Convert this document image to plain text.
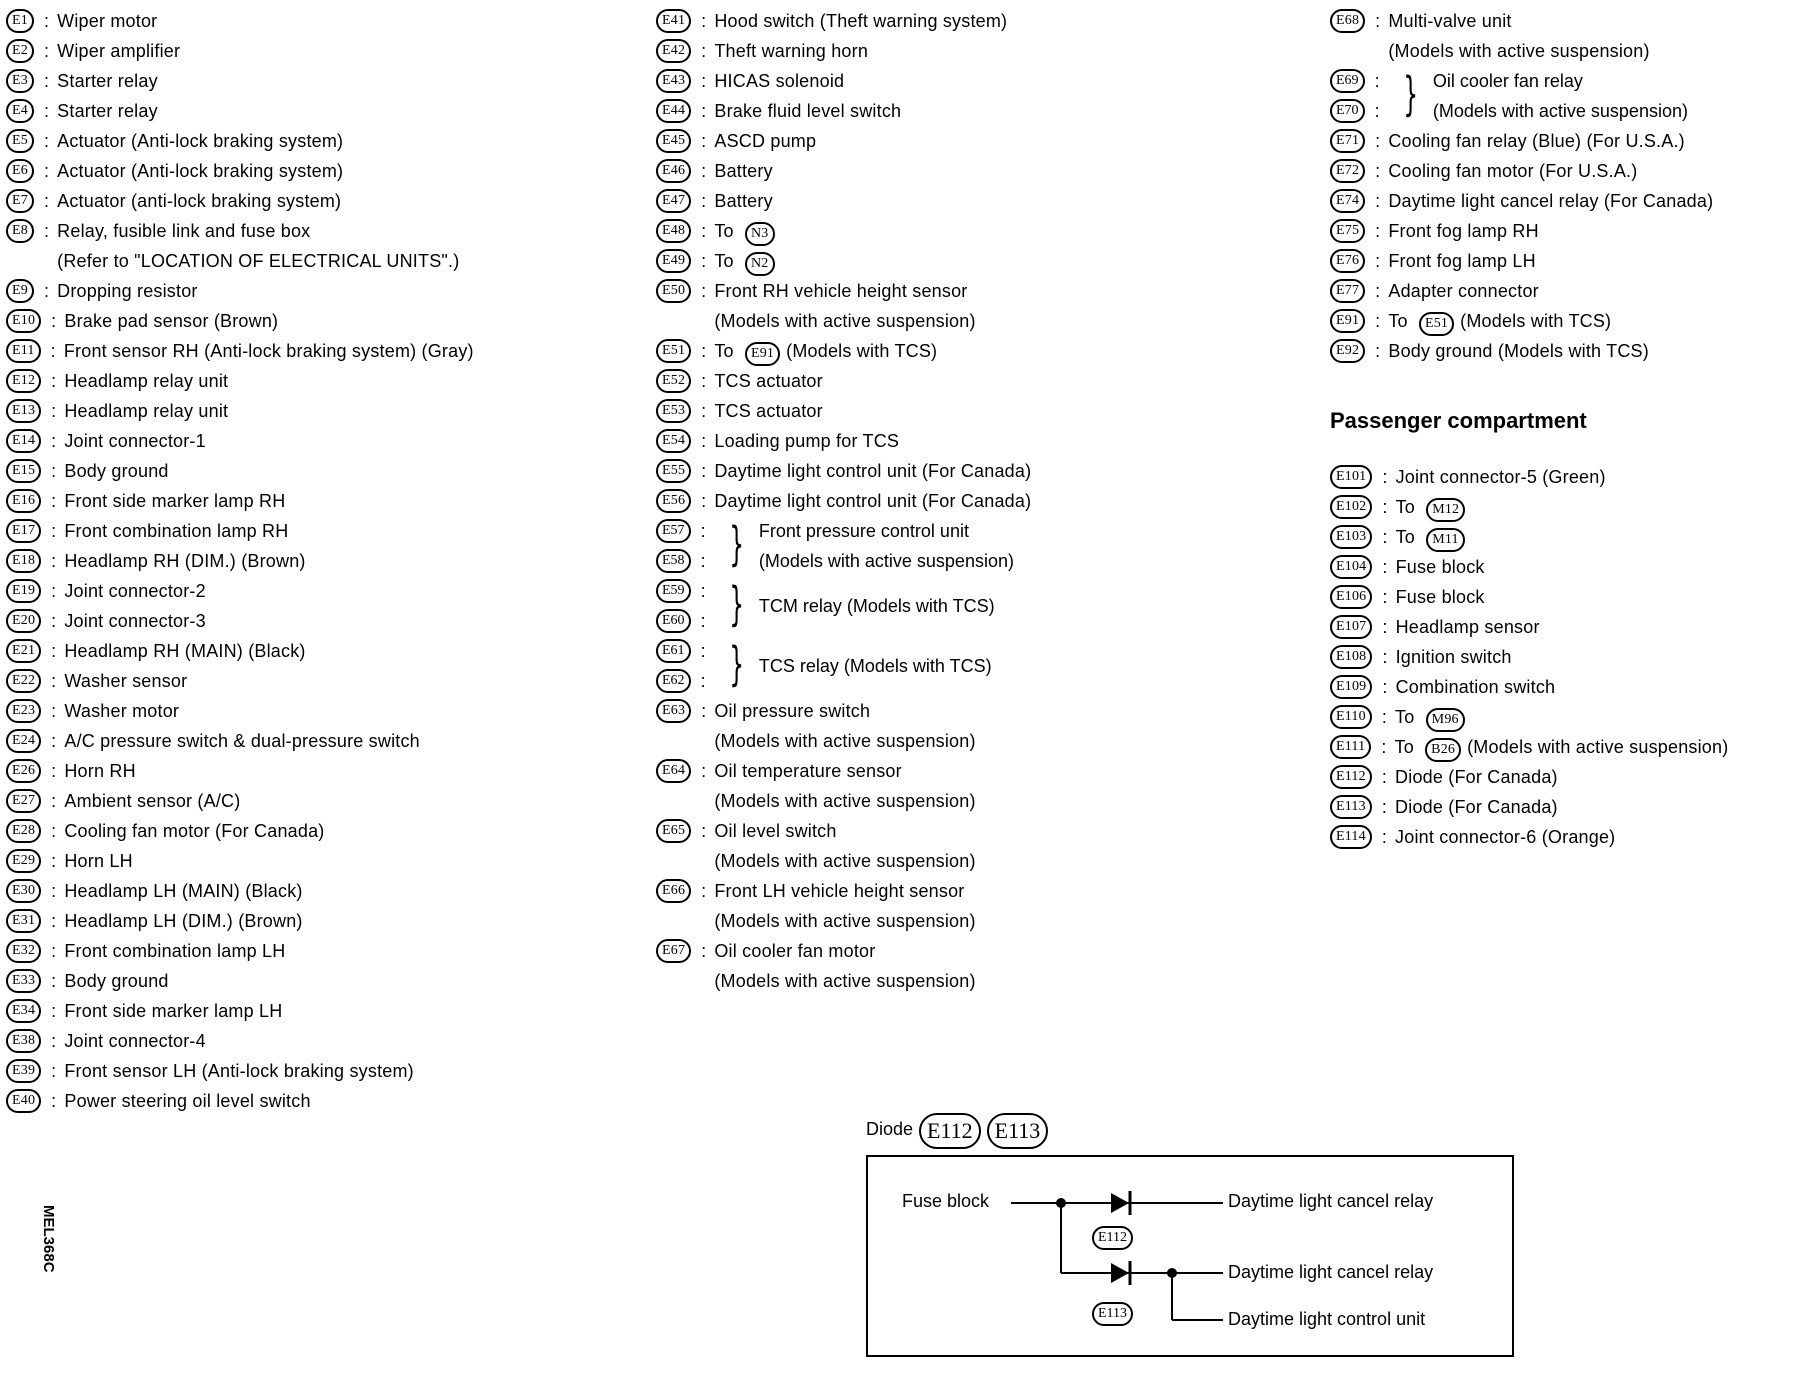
E1 : Wiper motor
E2 : Wiper amplifier
E3 : Starter relay
E4 : Starter relay
E5 : Actuator (Anti-lock braking system)
E6 : Actuator (Anti-lock braking system)
E7 : Actuator (anti-lock braking system)
E8 : Relay, fusible link and fuse box
(Refer to "LOCATION OF ELECTRICAL UNITS".)
E9 : Dropping resistor
E10 : Brake pad sensor (Brown)
E11 : Front sensor RH (Anti-lock braking system) (Gray)
E12 : Headlamp relay unit
E13 : Headlamp relay unit
E14 : Joint connector-1
E15 : Body ground
E16 : Front side marker lamp RH
E17 : Front combination lamp RH
E18 : Headlamp RH (DIM.) (Brown)
E19 : Joint connector-2
E20 : Joint connector-3
E21 : Headlamp RH (MAIN) (Black)
E22 : Washer sensor
E23 : Washer motor
E24 : A/C pressure switch & dual-pressure switch
E26 : Horn RH
E27 : Ambient sensor (A/C)
E28 : Cooling fan motor (For Canada)
E29 : Horn LH
E30 : Headlamp LH (MAIN) (Black)
E31 : Headlamp LH (DIM.) (Brown)
E32 : Front combination lamp LH
E33 : Body ground
E34 : Front side marker lamp LH
E38 : Joint connector-4
E39 : Front sensor LH (Anti-lock braking system)
E40 : Power steering oil level switch
E41 : Hood switch (Theft warning system)
E42 : Theft warning horn
E43 : HICAS solenoid
E44 : Brake fluid level switch
E45 : ASCD pump
E46 : Battery
E47 : Battery
E48 : To N3
E49 : To N2
E50 : Front RH vehicle height sensor
(Models with active suspension)
E51 : To E91 (Models with TCS)
E52 : TCS actuator
E53 : TCS actuator
E54 : Loading pump for TCS
E55 : Daytime light control unit (For Canada)
E56 : Daytime light control unit (For Canada)
E57 :
E58 : } Front pressure control unit
(Models with active suspension)
E59 :
E60 : } TCM relay (Models with TCS)
E61 :
E62 : } TCS relay (Models with TCS)
E63 : Oil pressure switch
(Models with active suspension)
E64 : Oil temperature sensor
(Models with active suspension)
E65 : Oil level switch
(Models with active suspension)
E66 : Front LH vehicle height sensor
(Models with active suspension)
E67 : Oil cooler fan motor
(Models with active suspension)
E68 : Multi-valve unit
(Models with active suspension)
E69 :
E70 : } Oil cooler fan relay
(Models with active suspension)
E71 : Cooling fan relay (Blue) (For U.S.A.)
E72 : Cooling fan motor (For U.S.A.)
E74 : Daytime light cancel relay (For Canada)
E75 : Front fog lamp RH
E76 : Front fog lamp LH
E77 : Adapter connector
E91 : To E51 (Models with TCS)
E92 : Body ground (Models with TCS)
Passenger compartment
E101 : Joint connector-5 (Green)
E102 : To M12
E103 : To M11
E104 : Fuse block
E106 : Fuse block
E107 : Headlamp sensor
E108 : Ignition switch
E109 : Combination switch
E110 : To M96
E111 : To B26 (Models with active suspension)
E112 : Diode (For Canada)
E113 : Diode (For Canada)
E114 : Joint connector-6 (Orange)
MEL368C
Diode E112	E113
Fuse block	Daytime light cancel relay
Daytime light cancel relay
Daytime light control unit
E112
E113
